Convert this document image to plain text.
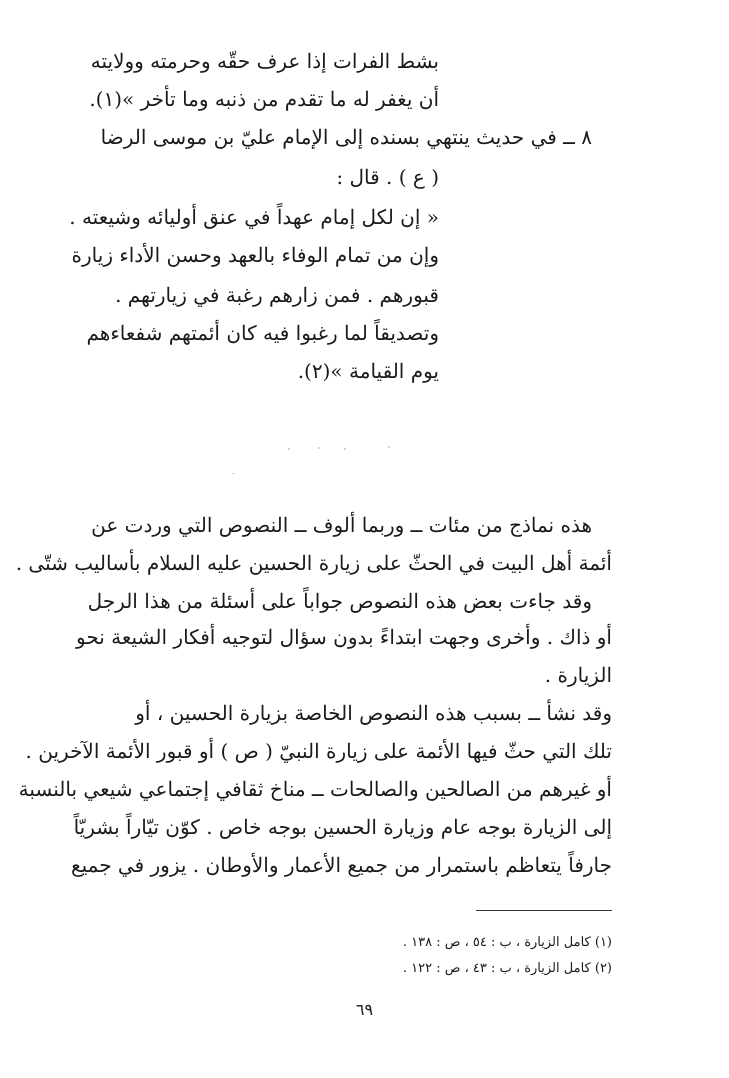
بشط الفرات إذا عرف حقّه وحرمته وولايته
أن يغفر له ما تقدم من ذنبه وما تأخر »(١).
٨ ــ في حديث ينتهي بسنده إلى الإمام عليّ بن موسى الرضا
( ع ) . قال :
« إن لكل إمام عهداً في عنق أوليائه وشيعته .
وإن من تمام الوفاء بالعهد وحسن الأداء زيارة
قبورهم . فمن زارهم رغبة في زيارتهم .
وتصديقاً لما رغبوا فيه كان أئمتهم شفعاءهم
يوم القيامة »(٢).
هذه نماذج من مئات ــ وربما ألوف ــ النصوص التي وردت عن
أئمة أهل البيت في الحثّ على زيارة الحسين عليه السلام بأساليب شتّى .
وقد جاءت بعض هذه النصوص جواباً على أسئلة من هذا الرجل
أو ذاك . وأخرى وجهت ابتداءً بدون سؤال لتوجيه أفكار الشيعة نحو
الزيارة .
وقد نشأ ــ بسبب هذه النصوص الخاصة بزيارة الحسين ، أو
تلك التي حثّ فيها الأئمة على زيارة النبيّ ( ص ) أو قبور الأئمة الآخرين .
أو غيرهم من الصالحين والصالحات ــ مناخ ثقافي إجتماعي شيعي بالنسبة
إلى الزيارة بوجه عام وزيارة الحسين بوجه خاص . كوّن تيّاراً بشريّاً
جارفاً يتعاظم باستمرار من جميع الأعمار والأوطان . يزور في جميع
(١) كامل الزيارة ، ب : ٥٤ ، ص : ١٣٨ .
(٢) كامل الزيارة ، ب : ٤٣ ، ص : ١٢٢ .
٦٩
